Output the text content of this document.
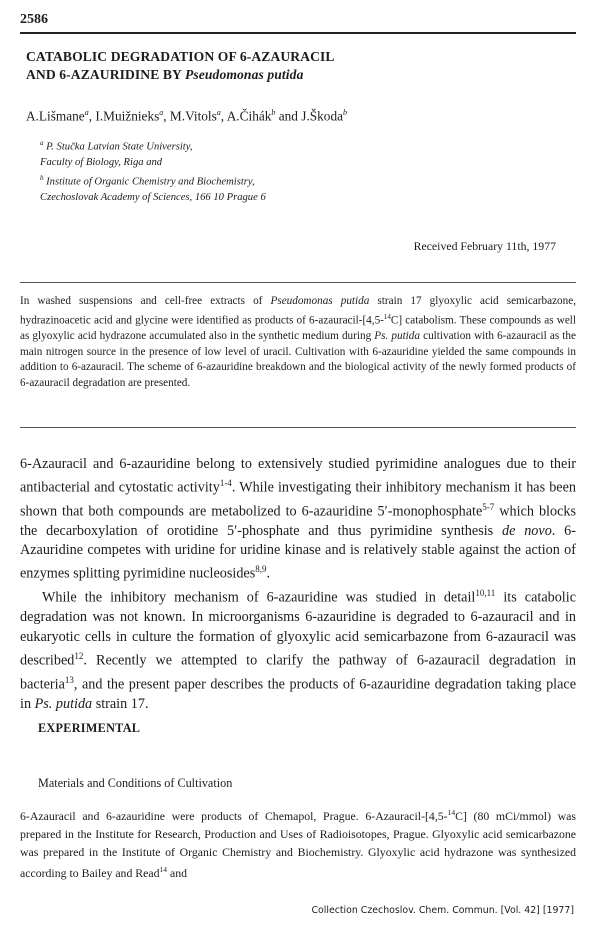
2586
CATABOLIC DEGRADATION OF 6-AZAURACIL
AND 6-AZAURIDINE BY Pseudomonas putida
A.Lišmane$^a$, I.Muižnieks$^a$, M.Vitols$^a$, A.Čihák$^b$ and J.Škoda$^b$
$^a$ P. Stučka Latvian State University,
Faculty of Biology, Riga and
$^b$ Institute of Organic Chemistry and Biochemistry,
Czechoslovak Academy of Sciences, 166 10 Prague 6
Received February 11th, 1977
In washed suspensions and cell-free extracts of Pseudomonas putida strain 17 glyoxylic acid semicarbazone, hydrazinoacetic acid and glycine were identified as products of 6-azauracil-[4,5-$^{14}$C] catabolism. These compounds as well as glyoxylic acid hydrazone accumulated also in the synthetic medium during Ps. putida cultivation with 6-azauracil as the main nitrogen source in the presence of low level of uracil. Cultivation with 6-azauridine yielded the same compounds in addition to 6-azauracil. The scheme of 6-azauridine breakdown and the biological activity of the newly formed products of 6-azauracil degradation are presented.

6-Azauracil and 6-azauridine belong to extensively studied pyrimidine analogues due to their antibacterial and cytostatic activity$^{1-4}$. While investigating their inhibitory mechanism it has been shown that both compounds are metabolized to 6-azauridine 5′-monophosphate$^{5-7}$ which blocks the decarboxylation of orotidine 5′-phosphate and thus pyrimidine synthesis de novo. 6-Azauridine competes with uridine for uridine kinase and is relatively stable against the action of enzymes splitting pyrimidine nucleosides$^{8,9}$.

While the inhibitory mechanism of 6-azauridine was studied in detail$^{10,11}$ its catabolic degradation was not known. In microorganisms 6-azauridine is degraded to 6-azauracil and in eukaryotic cells in culture the formation of glyoxylic acid semicarbazone from 6-azauracil was described$^{12}$. Recently we attempted to clarify the pathway of 6-azauracil degradation in bacteria$^{13}$, and the present paper describes the products of 6-azauridine degradation taking place in Ps. putida strain 17.

EXPERIMENTAL
Materials and Conditions of Cultivation
6-Azauracil and 6-azauridine were products of Chemapol, Prague. 6-Azauracil-[4,5-$^{14}$C] (80 mCi/mmol) was prepared in the Institute for Research, Production and Uses of Radioisotopes, Prague. Glyoxylic acid semicarbazone was prepared in the Institute of Organic Chemistry and Biochemistry. Glyoxylic acid hydrazone was synthesized according to Bailey and Read$^{14}$ and
Collection Czechoslov. Chem. Commun. [Vol. 42] [1977]
